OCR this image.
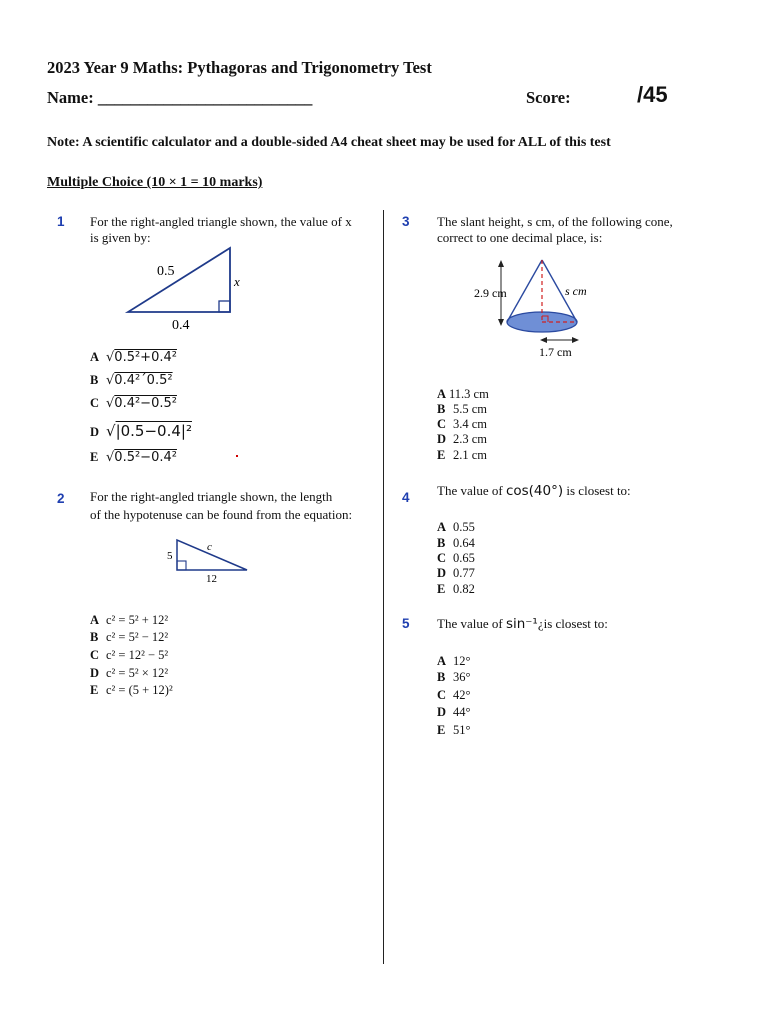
2023 Year 9 Maths: Pythagoras and Trigonometry Test
Name: __________________________	Score:	/45
Note: A scientific calculator and a double-sided A4 cheat sheet may be used for ALL of this test
Multiple Choice (10 × 1 = 10 marks)
1 For the right-angled triangle shown, the value of x
is given by:
0.5
x
0.4
A √0.5²+0.4²
B √0.4²´0.5²
C √0.4²−0.5²
D √|0.5−0.4|²
E √0.5²−0.4²
2 For the right-angled triangle shown, the length
of the hypotenuse can be found from the equation:
5
c
12
A c² = 5² + 12²
B c² = 5² − 12²
C c² = 12² − 5²
D c² = 5² × 12²
E c² = (5 + 12)²
3 The slant height, s cm, of the following cone,
correct to one decimal place, is:
2.9 cm	s cm
1.7 cm
A 11.3 cm
B 5.5 cm
C 3.4 cm
D 2.3 cm
E 2.1 cm
4 The value of cos(40°) is closest to:
A 0.55
B 0.64
C 0.65
D 0.77
E 0.82
5 The value of sin⁻¹¿is closest to:
A 12°
B 36°
C 42°
D 44°
E 51°
